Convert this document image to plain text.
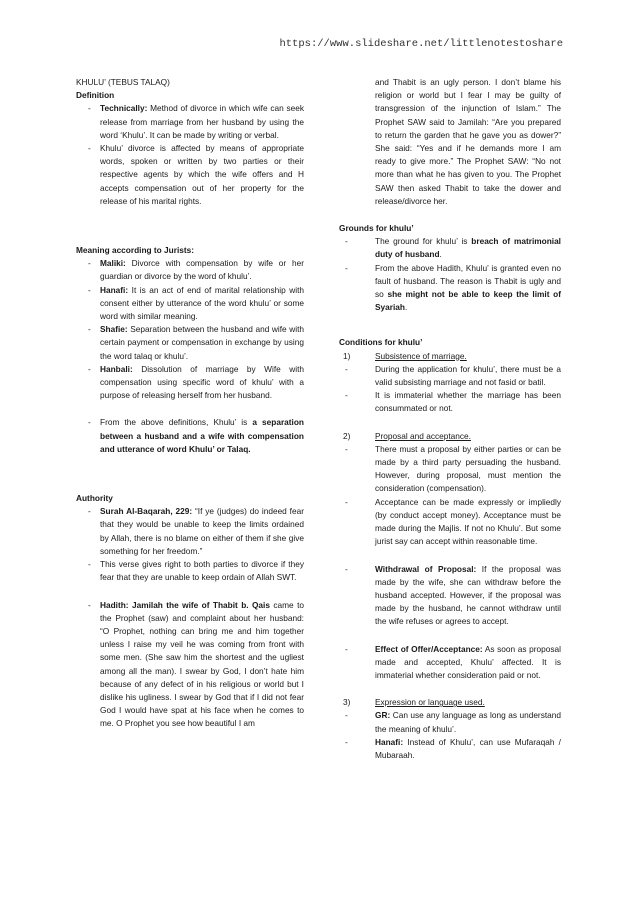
https://www.slideshare.net/littlenotestoshare
KHULU’ (TEBUS TALAQ)
Definition
-	Technically: Method of divorce in which wife can seek release from marriage from her husband by using the word ‘Khulu’. It can be made by writing or verbal.
-	Khulu’ divorce is affected by means of appropriate words, spoken or written by two parties or their respective agents by which the wife offers and H accepts compensation out of her property for the release of his marital rights.
Meaning according to Jurists:
-	Maliki: Divorce with compensation by wife or her guardian or divorce by the word of khulu’.
-	Hanafi: It is an act of end of marital relationship with consent either by utterance of the word khulu’ or some word with similar meaning.
-	Shafie: Separation between the husband and wife with certain payment or compensation in exchange by using the word talaq or khulu’.
-	Hanbali: Dissolution of marriage by Wife with compensation using specific word of khulu’ with a purpose of releasing herself from her husband.
-	From the above definitions, Khulu’ is a separation between a husband and a wife with compensation and utterance of word Khulu’ or Talaq.
Authority
-	Surah Al-Baqarah, 229: “If ye (judges) do indeed fear that they would be unable to keep the limits ordained by Allah, there is no blame on either of them if she give something for her freedom.”
-	This verse gives right to both parties to divorce if they fear that they are unable to keep ordain of Allah SWT.
-	Hadith: Jamilah the wife of Thabit b. Qais came to the Prophet (saw) and complaint about her husband: “O Prophet, nothing can bring me and him together unless I raise my veil he was coming from front with some men. (She saw him the shortest and the ugliest among all the man). I swear by God, I don’t hate him because of any defect of in his religious or world but I dislike his ugliness. I swear by God that if I did not fear God I would have spat at his face when he comes to me. O Prophet you see how beautiful I am
and Thabit is an ugly person. I don’t blame his religion or world but I fear I may be guilty of transgression of the injunction of Islam.” The Prophet SAW said to Jamilah: “Are you prepared to return the garden that he gave you as dower?” She said: “Yes and if he demands more I am ready to give more.” The Prophet SAW: “No not more than what he has given to you. The Prophet SAW then asked Thabit to take the dower and release/divorce her.
Grounds for khulu’
-	The ground for khulu’ is breach of matrimonial duty of husband.
-	From the above Hadith, Khulu’ is granted even no fault of husband. The reason is Thabit is ugly and so she might not be able to keep the limit of Syariah.
Conditions for khulu’
1)	Subsistence of marriage.
-	During the application for khulu’, there must be a valid subsisting marriage and not fasid or batil.
-	It is immaterial whether the marriage has been consummated or not.
2)	Proposal and acceptance.
-	There must a proposal by either parties or can be made by a third party persuading the husband. However, during proposal, must mention the consideration (compensation).
-	Acceptance can be made expressly or impliedly (by conduct accept money). Acceptance must be made during the Majlis. If not no Khulu’. But some jurist say can accept within reasonable time.
-	Withdrawal of Proposal: If the proposal was made by the wife, she can withdraw before the husband accepted. However, if the proposal was made by the husband, he cannot withdraw until the wife refuses or agrees to accept.
-	Effect of Offer/Acceptance: As soon as proposal made and accepted, Khulu’ affected. It is immaterial whether consideration paid or not.
3)	Expression or language used.
-	GR: Can use any language as long as understand the meaning of khulu’.
-	Hanafi: Instead of Khulu’, can use Mufaraqah / Mubaraah.
